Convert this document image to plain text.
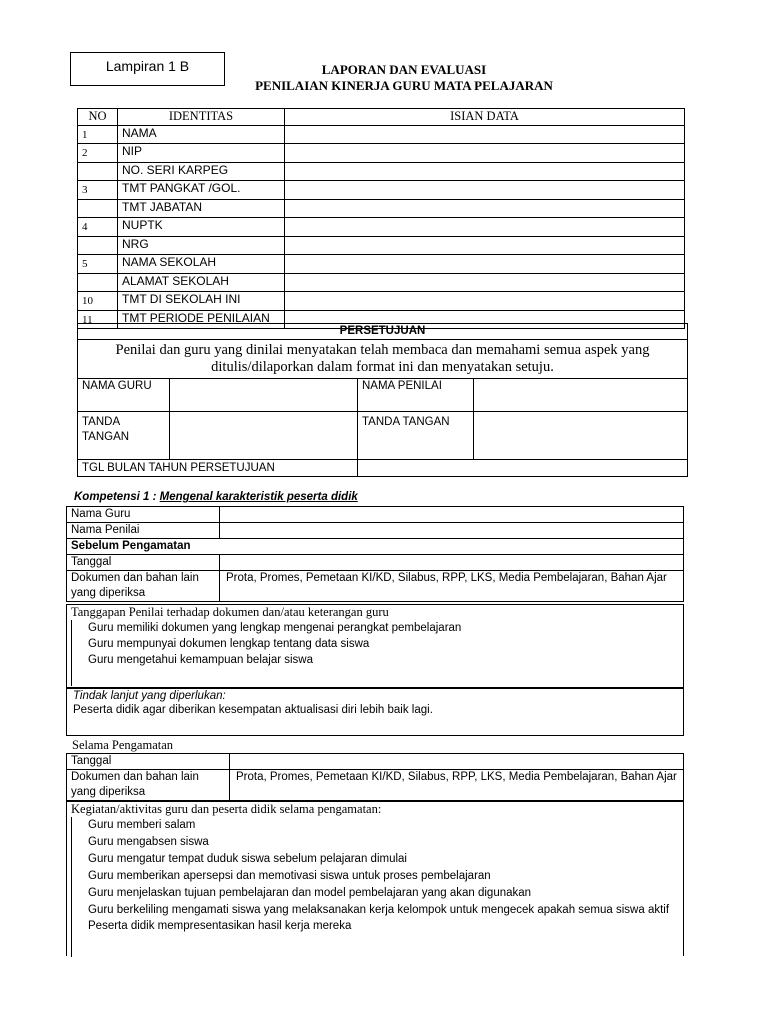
Lampiran 1 B	LAPORAN DAN EVALUASI
PENILAIAN KINERJA GURU MATA PELAJARAN
NO	IDENTITAS	ISIAN DATA
1	NAMA	
2	NIP	
	NO. SERI KARPEG	
3	TMT PANGKAT /GOL.	
	TMT JABATAN	
4	NUPTK	
	NRG	
5	NAMA SEKOLAH	
	ALAMAT SEKOLAH	
10	TMT DI SEKOLAH INI	
11	TMT PERIODE PENILAIAN	
PERSETUJUAN			
Penilai dan guru yang dinilai menyatakan telah membaca dan memahami semua aspek yang ditulis/dilaporkan dalam format ini dan menyatakan setuju.			
NAMA GURU		NAMA PENILAI	
TANDA TANGAN		TANDA TANGAN	
TGL BULAN TAHUN PERSETUJUAN			
Kompetensi 1 : Mengenal karakteristik peserta didik
Nama Guru	
Nama Penilai	
Sebelum Pengamatan	
Tanggal	
Dokumen dan bahan lain yang diperiksa	Prota, Promes, Pemetaan KI/KD, Silabus, RPP, LKS, Media Pembelajaran, Bahan Ajar
Tanggapan Penilai terhadap dokumen dan/atau keterangan guru
Guru memiliki dokumen yang lengkap mengenai perangkat pembelajaran
Guru mempunyai dokumen lengkap tentang data siswa
Guru mengetahui kemampuan belajar siswa
Tindak lanjut yang diperlukan:
Peserta didik agar diberikan kesempatan aktualisasi diri lebih baik lagi.
Selama Pengamatan
Tanggal	
Dokumen dan bahan lain yang diperiksa	Prota, Promes, Pemetaan KI/KD, Silabus, RPP, LKS, Media Pembelajaran, Bahan Ajar
Kegiatan/aktivitas guru dan peserta didik selama pengamatan:
Guru memberi salam
Guru mengabsen siswa
Guru mengatur tempat duduk siswa sebelum pelajaran dimulai
Guru memberikan apersepsi dan memotivasi siswa untuk proses pembelajaran
Guru menjelaskan tujuan pembelajaran dan model pembelajaran yang akan digunakan
Guru berkeliling mengamati siswa yang melaksanakan kerja kelompok untuk mengecek apakah semua siswa aktif
Peserta didik mempresentasikan hasil kerja mereka
